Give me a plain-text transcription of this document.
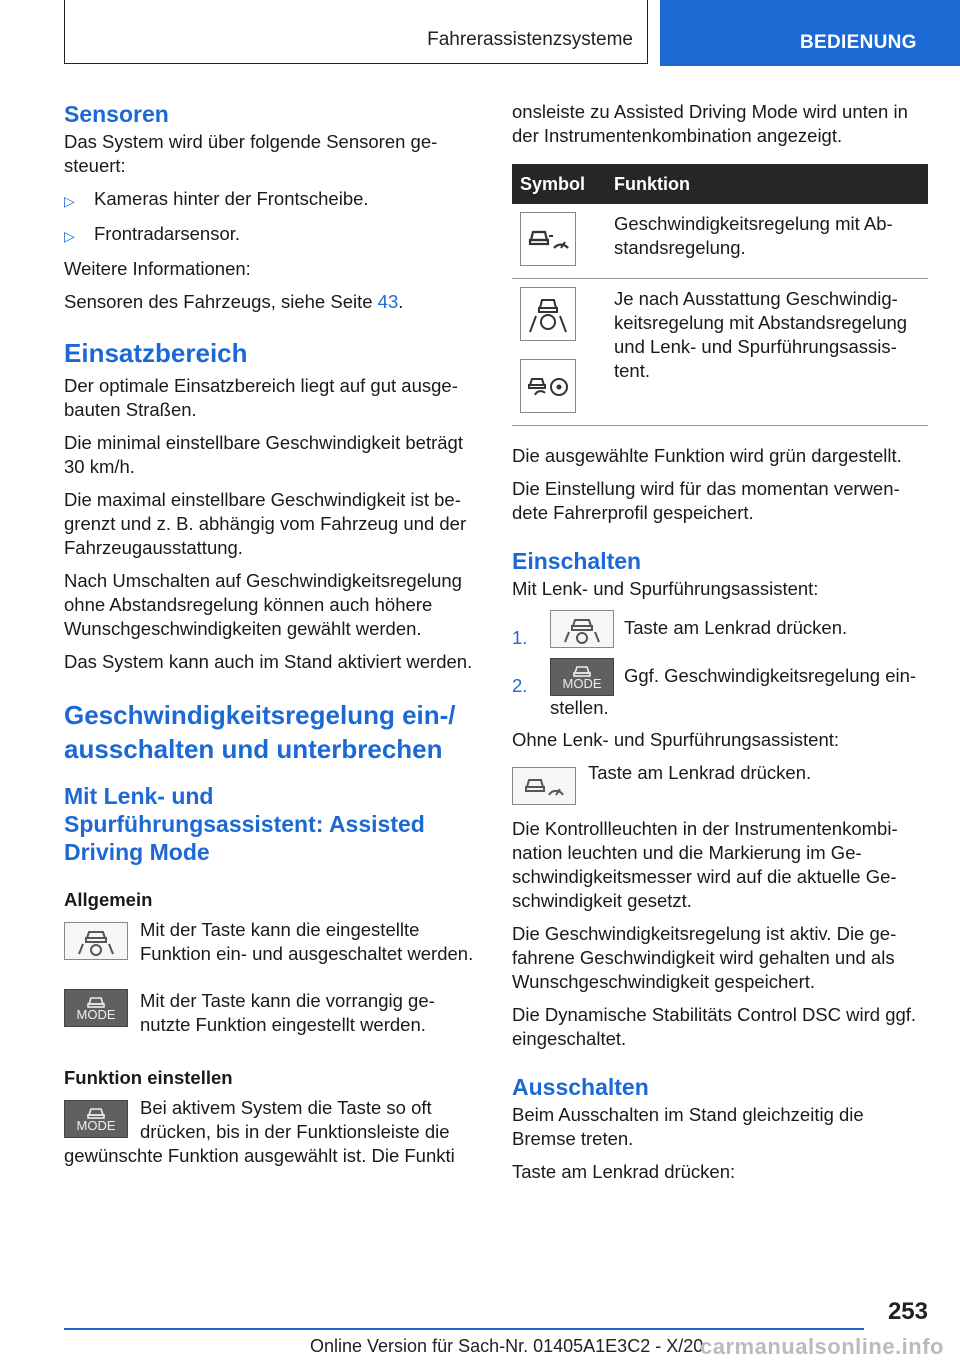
Fahrerassistenzsysteme	BEDIENUNG
Sensoren

Das System wird über folgende Sensoren gesteuert:

▷	Kameras hinter der Frontscheibe.
▷	Frontradarsensor.

Weitere Informationen:

Sensoren des Fahrzeugs, siehe Seite 43.

Einsatzbereich

Der optimale Einsatzbereich liegt auf gut ausgebauten Straßen.

Die minimal einstellbare Geschwindigkeit beträgt 30 km/h.

Die maximal einstellbare Geschwindigkeit ist begrenzt und z. B. abhängig vom Fahrzeug und der Fahrzeugausstattung.

Nach Umschalten auf Geschwindigkeitsregelung ohne Abstandsregelung können auch höhere Wunschgeschwindigkeiten gewählt werden.

Das System kann auch im Stand aktiviert werden.

Geschwindigkeitsregelung ein-/ ausschalten und unterbrechen
Mit Lenk- und Spurführungsassistent: Assisted Driving Mode
Allgemein

Mit der Taste kann die eingestellte Funktion ein- und ausgeschaltet werden.

MODE

Mit der Taste kann die vorrangig genutzte Funktion eingestellt werden.

Funktion einstellen
MODE

Bei aktivem System die Taste so oft drücken, bis in der Funktionsleiste die gewünschte Funktion ausgewählt ist. Die Funkti

onsleiste zu Assisted Driving Mode wird unten in der Instrumentenkombination angezeigt.

Symbol	Funktion

	Geschwindigkeitsregelung mit Abstandsregelung.

	Je nach Ausstattung Geschwindigkeitsregelung mit Abstandsregelung und Lenk- und Spurführungsassistent.

Die ausgewählte Funktion wird grün dargestellt.

Die Einstellung wird für das momentan verwendete Fahrerprofil gespeichert.

Einschalten

Mit Lenk- und Spurführungsassistent:

1.	Taste am Lenkrad drücken.
2.	MODE Ggf. Geschwindigkeitsregelung einstellen.

Ohne Lenk- und Spurführungsassistent:

Taste am Lenkrad drücken.

Die Kontrollleuchten in der Instrumentenkombination leuchten und die Markierung im Geschwindigkeitsmesser wird auf die aktuelle Geschwindigkeit gesetzt.

Die Geschwindigkeitsregelung ist aktiv. Die gefahrene Geschwindigkeit wird gehalten und als Wunschgeschwindigkeit gespeichert.

Die Dynamische Stabilitäts Control DSC wird ggf. eingeschaltet.

Ausschalten

Beim Ausschalten im Stand gleichzeitig die Bremse treten.

Taste am Lenkrad drücken:

253
Online Version für Sach-Nr. 01405A1E3C2 - X/20
carmanualsonline.info
